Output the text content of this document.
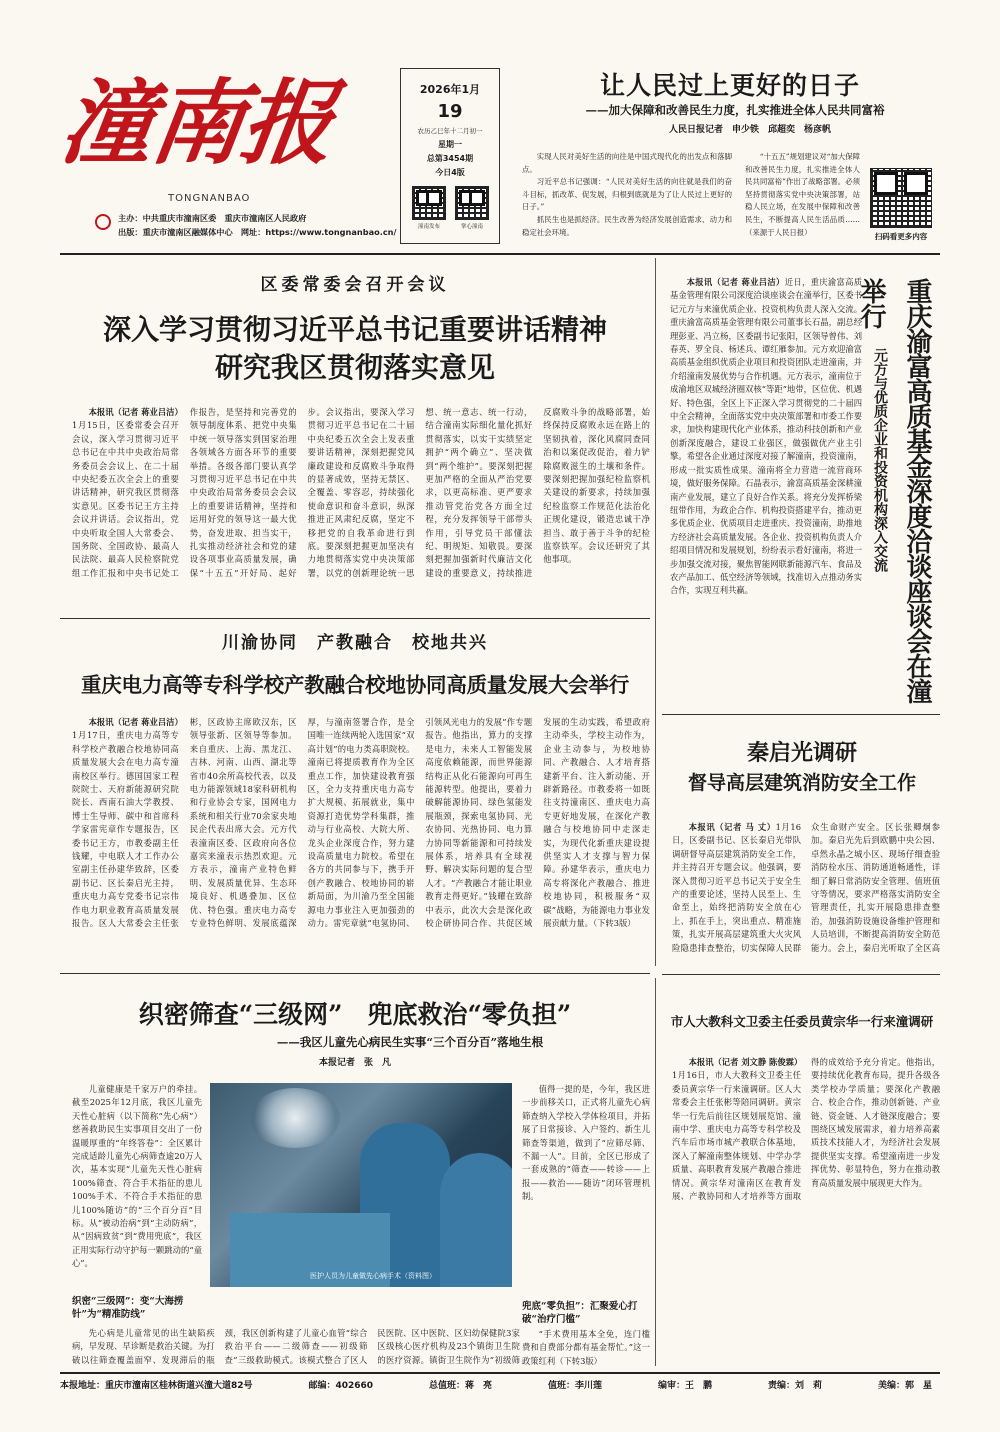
潼南报
TONGNANBAO
主办：中共重庆市潼南区委　重庆市潼南区人民政府
出版：重庆市潼南区融媒体中心　网址：https://www.tongnanbao.cn/
2026年1月
19
农历乙巳年十二月初一
星期一
总第3454期
今日4版
潼南发布	掌心潼南
让人民过上更好的日子
——加大保障和改善民生力度，扎实推进全体人民共同富裕
人民日报记者　申少铁　邱超奕　杨彦帆

实现人民对美好生活的向往是中国式现代化的出发点和落脚点。

习近平总书记强调：“人民对美好生活的向往就是我们的奋斗目标，抓改革、促发展，归根到底就是为了让人民过上更好的日子。”

抓民生也是抓经济。民生改善为经济发展创造需求、动力和稳定社会环境。

“十五五”规划建议对“加大保障和改善民生力度，扎实推进全体人民共同富裕”作出了战略部署。必须坚持贯彻落实党中央决策部署，站稳人民立场，在发展中保障和改善民生，不断提高人民生活品质……（来源于人民日报）	扫码看更多内容
区委常委会召开会议
深入学习贯彻习近平总书记重要讲话精神
研究我区贯彻落实意见

本报讯（记者 蒋业吕洁）1月15日，区委常委会召开会议，深入学习贯彻习近平总书记在中共中央政治局常务委员会会议上、在二十届中央纪委五次全会上的重要讲话精神，研究我区贯彻落实意见。区委书记王方主持会议并讲话。会议指出，党中央听取全国人大常委会、国务院、全国政协、最高人民法院、最高人民检察院党组工作汇报和中央书记处工作报告，是坚持和完善党的领导制度体系、把党中央集中统一领导落实到国家治理各领域各方面各环节的重要举措。各级各部门要认真学习贯彻习近平总书记在中共中央政治局常务委员会会议上的重要讲话精神，坚持和运用好党的领导这一最大优势，奋发进取、担当实干，扎实推动经济社会和党的建设各项事业高质量发展，确保“十五五”开好局、起好步。会议指出，要深入学习贯彻习近平总书记在二十届中央纪委五次全会上发表重要讲话精神，深刻把握党风廉政建设和反腐败斗争取得的显著成效，坚持无禁区、全覆盖、零容忍，持续强化使命意识和奋斗意识，纵深推进正风肃纪反腐，坚定不移把党的自我革命进行到底。要深刻把握更加坚决有力地贯彻落实党中央决策部署，以党的创新理论统一思想、统一意志、统一行动，结合潼南实际细化量化抓好贯彻落实，以实干实绩坚定拥护“两个确立”、坚决做到“两个维护”。要深刻把握更加严格的全面从严治党要求，以更高标准、更严要求推动管党治党各方面全过程，充分发挥领导干部带头作用，引导党员干部懂法纪、明规矩、知敬畏。要深刻把握加强新时代廉洁文化建设的重要意义，持续推进反腐败斗争的战略部署，始终保持反腐败永远在路上的坚韧执着，深化风腐同查同治和以案促改促治，着力铲除腐败滋生的土壤和条件。要深刻把握加强纪检监察机关建设的新要求，持续加强纪检监察工作规范化法治化正规化建设，锻造忠诚干净担当、敢于善于斗争的纪检监察铁军。会议还研究了其他事项。

川渝协同　产教融合　校地共兴
重庆电力高等专科学校产教融合校地协同高质量发展大会举行

本报讯（记者 蒋业吕洁）1月17日，重庆电力高等专科学校产教融合校地协同高质量发展大会在电力高专潼南校区举行。德国国家工程院院士、天府新能源研究院院长、西南石油大学教授、博士生导师、碳中和首席科学家雷宪章作专题报告，区委书记王方，市教委副主任钱耀，中电联人才工作办公室副主任孙建华致辞，区委副书记、区长秦启光主持，重庆电力高专党委书记宗伟作电力职业教育高质量发展报告。区人大常委会主任张彬，区政协主席欧汉东，区领导张新、区领导等参加。来自重庆、上海、黑龙江、吉林、河南、山西、湖北等省市40余所高校代表，以及电力能源领域18家科研机构和行业协会专家，国网电力系统和相关行业70余家央地民企代表出席大会。元方代表潼南区委、区政府向各位嘉宾来潼表示热烈欢迎。元方表示，潼南产业特色鲜明、发展质量优异、生态环境良好、机遇叠加、区位优、特色强。重庆电力高专专业特色鲜明、发展底蕴深厚，与潼南签署合作，是全国唯一连续两轮入选国家“双高计划”的电力类高职院校。潼南已将提质教育作为全区重点工作，加快建设教育强区，全力支持重庆电力高专扩大规模、拓展就业，集中资源打造优势学科集群，推动与行业高校、大院大所、龙头企业深度合作，努力建设高质量电力院校。希望在各方的共同参与下，携手开创产教融合、校地协同的崭新局面，为川渝乃至全国能源电力事业注入更加强劲的动力。雷宪章就“电氢协同、引领风光电力的发展”作专题报告。他指出，算力的支撑是电力，未来人工智能发展高度依赖能源，而世界能源结构正从化石能源向可再生能源转型。他提出，要着力破解能源协同、绿色氢能发展瓶颈，探索电氢协同、光农协同、光热协同、电力算力协同等新能源和可持续发展体系，培养具有全球视野、解决实际问题的复合型人才。“产教融合才能让职业教育走得更好。”钱耀在致辞中表示，此次大会是深化政校企研协同合作、共促区域发展的生动实践，希望政府主动牵头，学校主动作为，企业主动参与，为校地协同、产教融合、人才培育搭建新平台、注入新动能、开辟新路径。市教委将一如既往支持潼南区、重庆电力高专更好地发展，在深化产教融合与校地协同中走深走实，为现代化新重庆建设提供坚实人才支撑与智力保障。孙建华表示，重庆电力高专将深化产教融合、推进校地协同，积极服务“双碳”战略，为能源电力事业发展贡献力量。（下转3版）

本报讯（记者 蒋业吕洁）近日，重庆渝富高质基金管理有限公司深度洽谈座谈会在潼举行，区委书记元方与来潼优质企业、投资机构负责人深入交流。重庆渝富高质基金管理有限公司董事长石晶，副总经理彭亚、冯立杨，区委副书记张阳，区领导曾伟、刘春英、罗全良、杨述兵、谭红雁参加。元方欢迎渝富高质基金组织优质企业项目和投资团队走进潼南，并介绍潼南发展优势与合作机遇。元方表示，潼南位于成渝地区双城经济圈双核“等距”地带，区位优、机遇好、特色强，全区上下正深入学习贯彻党的二十届四中全会精神，全面落实党中央决策部署和市委工作要求，加快构建现代化产业体系，推动科技创新和产业创新深度融合，建设工业强区，做强做优产业主引擎。希望各企业通过深度对接了解潼南，投资潼南，形成一批实质性成果。潼南将全力营造一流营商环境，做好服务保障。石晶表示，渝富高质基金深耕潼南产业发展，建立了良好合作关系。将充分发挥桥梁纽带作用，为政企合作、机构投资搭建平台，推动更多优质企业、优质项目走进重庆、投资潼南，助推地方经济社会高质量发展。各企业、投资机构负责人介绍项目情况和发展规划，纷纷表示看好潼南，将进一步加强交流对接，聚焦智能网联新能源汽车、食品及农产品加工、低空经济等领域，找准切入点推动务实合作，实现互利共赢。	重庆渝富高质基金深度洽谈座谈会在潼举行
元方与优质企业和投资机构深入交流
秦启光调研
督导高层建筑消防安全工作

本报讯（记者 马 丈）1月16日，区委副书记、区长秦启光带队调研督导高层建筑消防安全工作，并主持召开专题会议。他强调，要深入贯彻习近平总书记关于安全生产的重要论述，坚持人民至上、生命至上，始终把消防安全放在心上、抓在手上，突出重点、精准施策，扎实开展高层建筑重大火灾风险隐患排查整治，切实保障人民群众生命财产安全。区长张卿炯参加。秦启光先后到欧鹏中央公园、卓然永晶之城小区、现场仔细查验消防栓水压、消防通道畅通性，详细了解日常消防安全管理、值班值守等情况，要求严格落实消防安全管理责任，扎实开展隐患排查整治，加强消防设施设备维护管理和人员培训，不断提高消防安全防范能力。会上，秦启光听取了全区高

市人大教科文卫委主任委员黄宗华一行来潼调研

本报讯（记者 刘文静 陈俊霖）1月16日，市人大教科文卫委主任委员黄宗华一行来潼调研。区人大常委会主任张彬等陪同调研。黄宗华一行先后前往区规划展览馆、潼南中学、重庆电力高等专科学校及汽车后市场市城产教联合体基地，深入了解潼南整体规划、中学办学质量、高职教育发展产教融合推进情况。黄宗华对潼南区在教育发展、产教协同和人才培养等方面取得的成效给予充分肯定。他指出，要持续优化教育布局，提升各级各类学校办学质量；要深化产教融合、校企合作，推动创新链、产业链、资金链、人才链深度融合；要围绕区域发展需求，着力培养高素质技术技能人才，为经济社会发展提供坚实支撑。希望潼南进一步发挥优势、彰显特色，努力在推动教育高质量发展中展现更大作为。

织密筛查“三级网”　兜底救治“零负担”
——我区儿童先心病民生实事“三个百分百”落地生根
本报记者　张　凡

儿童健康是千家万户的牵挂。截至2025年12月底，我区儿童先天性心脏病（以下简称“先心病”）慈善救助民生实事项目交出了一份温暖厚重的“年终答卷”：全区累计完成适龄儿童先心病筛查逾20万人次，基本实现“儿童先天性心脏病100%筛查、符合手术指征的患儿100%手术、不符合手术指征的患儿100%随访”的“三个百分百”目标。从“被动治病”到“主动防病”，从“因病致贫”到“费用兜底”，我区正用实际行动守护每一颗跳动的“童心”。

织密“三级网”：变“大海捞针”为“精准防线”

先心病是儿童常见的出生缺陷疾病，早发现、早诊断是救治关键。为打破以往筛查覆盖面窄、发现滞后的瓶颈，我区创新构建了儿童心血管“综合救治平台——二级筛查——初级筛查”三级救助模式。该模式整合了区人民医院、区中医院、区妇幼保健院3家区级核心医疗机构及23个镇街卫生院的医疗资源。镇街卫生院作为“初级筛

医护人员为儿童做先心病手术（资料图）

值得一提的是，今年，我区进一步前移关口，正式将儿童先心病筛查纳入学校入学体检项目，并拓展了日常接诊、入户签约、新生儿筛查等渠道，做到了“应筛尽筛、不漏一人”。目前，全区已形成了一套成熟的“筛查——转诊——上报——救治——随访”闭环管理机制。

兜底“零负担”：汇聚爱心打破“治疗门槛”

“手术费用基本全免，连门槛费和自费部分都有基金帮忙。”这一政策红利（下转3版）

本报地址：重庆市潼南区桂林街道兴潼大道82号	邮编：402660	总值班：蒋　亮	值班：李川莲	编审：王　鹏	责编：刘　莉	美编：郭　星
